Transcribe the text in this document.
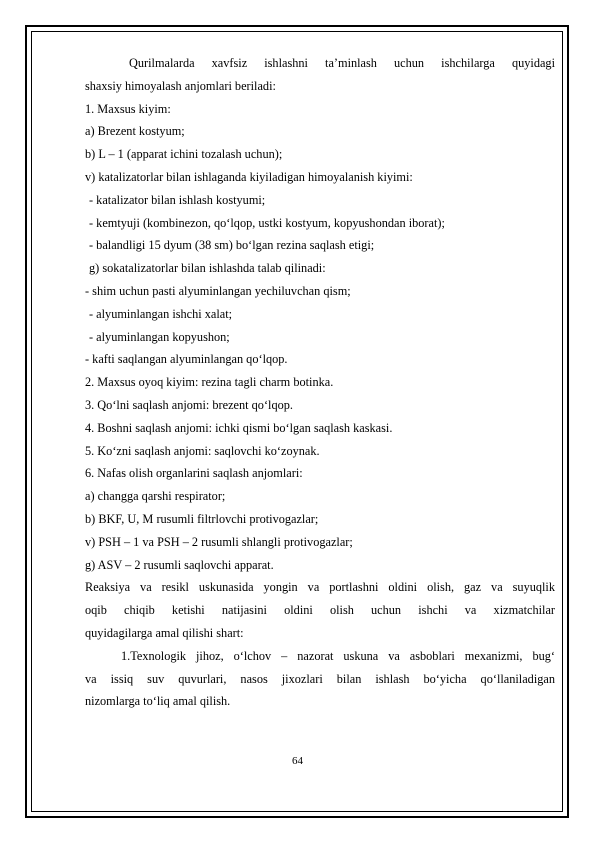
Qurilmalarda xavfsiz ishlashni ta’minlash uchun ishchilarga quyidagi
shaxsiy himoyalash anjomlari beriladi:
1. Maxsus kiyim:
a) Brezent kostyum;
b) L – 1 (apparat ichini tozalash uchun);
v) katalizatorlar bilan ishlaganda kiyiladigan himoyalanish kiyimi:
- katalizator bilan ishlash kostyumi;
- kemtyuji (kombinezon, qo‘lqop, ustki kostyum, kopyushondan iborat);
- balandligi 15 dyum (38 sm) bo‘lgan rezina saqlash etigi;
g) sokatalizatorlar bilan ishlashda talab qilinadi:
- shim uchun pasti alyuminlangan yechiluvchan qism;
- alyuminlangan ishchi xalat;
- alyuminlangan kopyushon;
- kafti saqlangan alyuminlangan qo‘lqop.
2. Maxsus oyoq kiyim: rezina tagli charm botinka.
3. Qo‘lni saqlash anjomi: brezent qo‘lqop.
4. Boshni saqlash anjomi: ichki qismi bo‘lgan saqlash kaskasi.
5. Ko‘zni saqlash anjomi: saqlovchi ko‘zoynak.
6. Nafas olish organlarini saqlash anjomlari:
a) changga qarshi respirator;
b) BKF, U, M rusumli filtrlovchi protivogazlar;
v) PSH – 1 va PSH – 2 rusumli shlangli protivogazlar;
g) ASV – 2 rusumli saqlovchi apparat.
Reaksiya va resikl uskunasida yongin va portlashni oldini olish, gaz va suyuqlik
oqib chiqib ketishi natijasini oldini olish uchun ishchi va xizmatchilar
quyidagilarga amal qilishi shart:
1.Texnologik jihoz, o‘lchov – nazorat uskuna va asboblari mexanizmi, bug‘
va issiq suv quvurlari, nasos jixozlari bilan ishlash bo‘yicha qo‘llaniladigan
nizomlarga to‘liq amal qilish.
64
